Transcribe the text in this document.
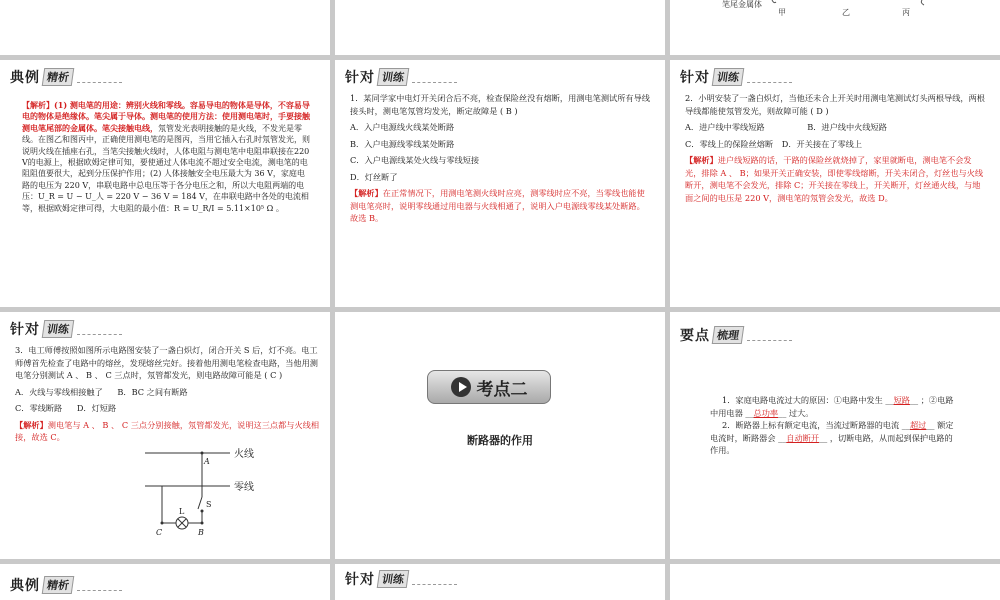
笔尾金属体
甲	乙	丙
典例 精析
【解析】(1) 测电笔的用途：辨别火线和零线。容易导电的物体是导体，不容易导电的物体是绝缘体。笔尖属于导体。测电笔的使用方法：使用测电笔时，手要接触测电笔尾部的金属体。笔尖接触电线，氖管发光表明接触的是火线，不发光是零线。在图乙和图丙中，正确使用测电笔的是图丙，当用它插入右孔时氖管发光，则说明火线在插座右孔，当笔尖接触火线时，人体电阻与测电笔中电阻串联接在220 V的电源上，根据欧姆定律可知，要使通过人体电流不超过安全电流，测电笔的电阻阻值要很大，起到分压保护作用；(2) 人体接触安全电压最大为 36 V，家庭电路的电压为 220 V，串联电路中总电压等于各分电压之和，所以大电阻两端的电压：U_R = U − U_人 = 220 V − 36 V = 184 V，在串联电路中各处的电流相等，根据欧姆定律可得，大电阻的最小值：R = U_R/I = 5.11×10⁵ Ω 。
针对 训练
1．某同学家中电灯开关闭合后不亮，检查保险丝没有熔断，用测电笔测试所有导线接头时，测电笔氖管均发光，断定故障是 ( B )
A．入户电源线火线某处断路
B．入户电源线零线某处断路
C．入户电源线某处火线与零线短接
D．灯丝断了
【解析】在正常情况下，用测电笔测火线时应亮，测零线时应不亮，当零线也能使测电笔亮时，说明零线通过用电器与火线相通了，说明入户电源线零线某处断路。故选 B。
针对 训练
2．小明安装了一盏白炽灯，当他还未合上开关时用测电笔测试灯头两根导线，两根导线都能使氖管发光，则故障可能 ( D )
A．进户线中零线短路	B．进户线中火线短路
C．零线上的保险丝熔断 D．开关接在了零线上
【解析】进户线短路的话，干路的保险丝就烧掉了，家里就断电，测电笔不会发光，排除 A 、 B；如果开关正确安装，即使零线熔断，开关未闭合，灯丝也与火线断开，测电笔不会发光，排除 C；开关接在零线上，开关断开，灯丝通火线，与地面之间的电压是 220 V，测电笔的氖管会发光，故选 D。
针对 训练
3．电工师傅按照如图所示电路图安装了一盏白炽灯，闭合开关 S 后，灯不亮。电工师傅首先检查了电路中的熔丝，发现熔丝完好。接着他用测电笔检查电路，当他用测电笔分别测试 A 、 B 、 C 三点时，氖管都发光，则电路故障可能是 ( C )
A．火线与零线相接触了 B．BC 之间有断路
C．零线断路 D．灯短路
【解析】测电笔与 A 、 B 、 C 三点分别接触，氖管都发光，说明这三点都与火线相接，故选 C。
火线
零线
A
S
L
C	B
考点二
断路器的作用
要点 梳理
1．家庭电路电流过大的原因：①电路中发生 __短路__ ；②电路中用电器 __总功率__ 过大。
2．断路器上标有额定电流，当流过断路器的电流 __超过__ 额定电流时，断路器会 __自动断开__ ，切断电路，从而起到保护电路的作用。
典例 精析	针对 训练
